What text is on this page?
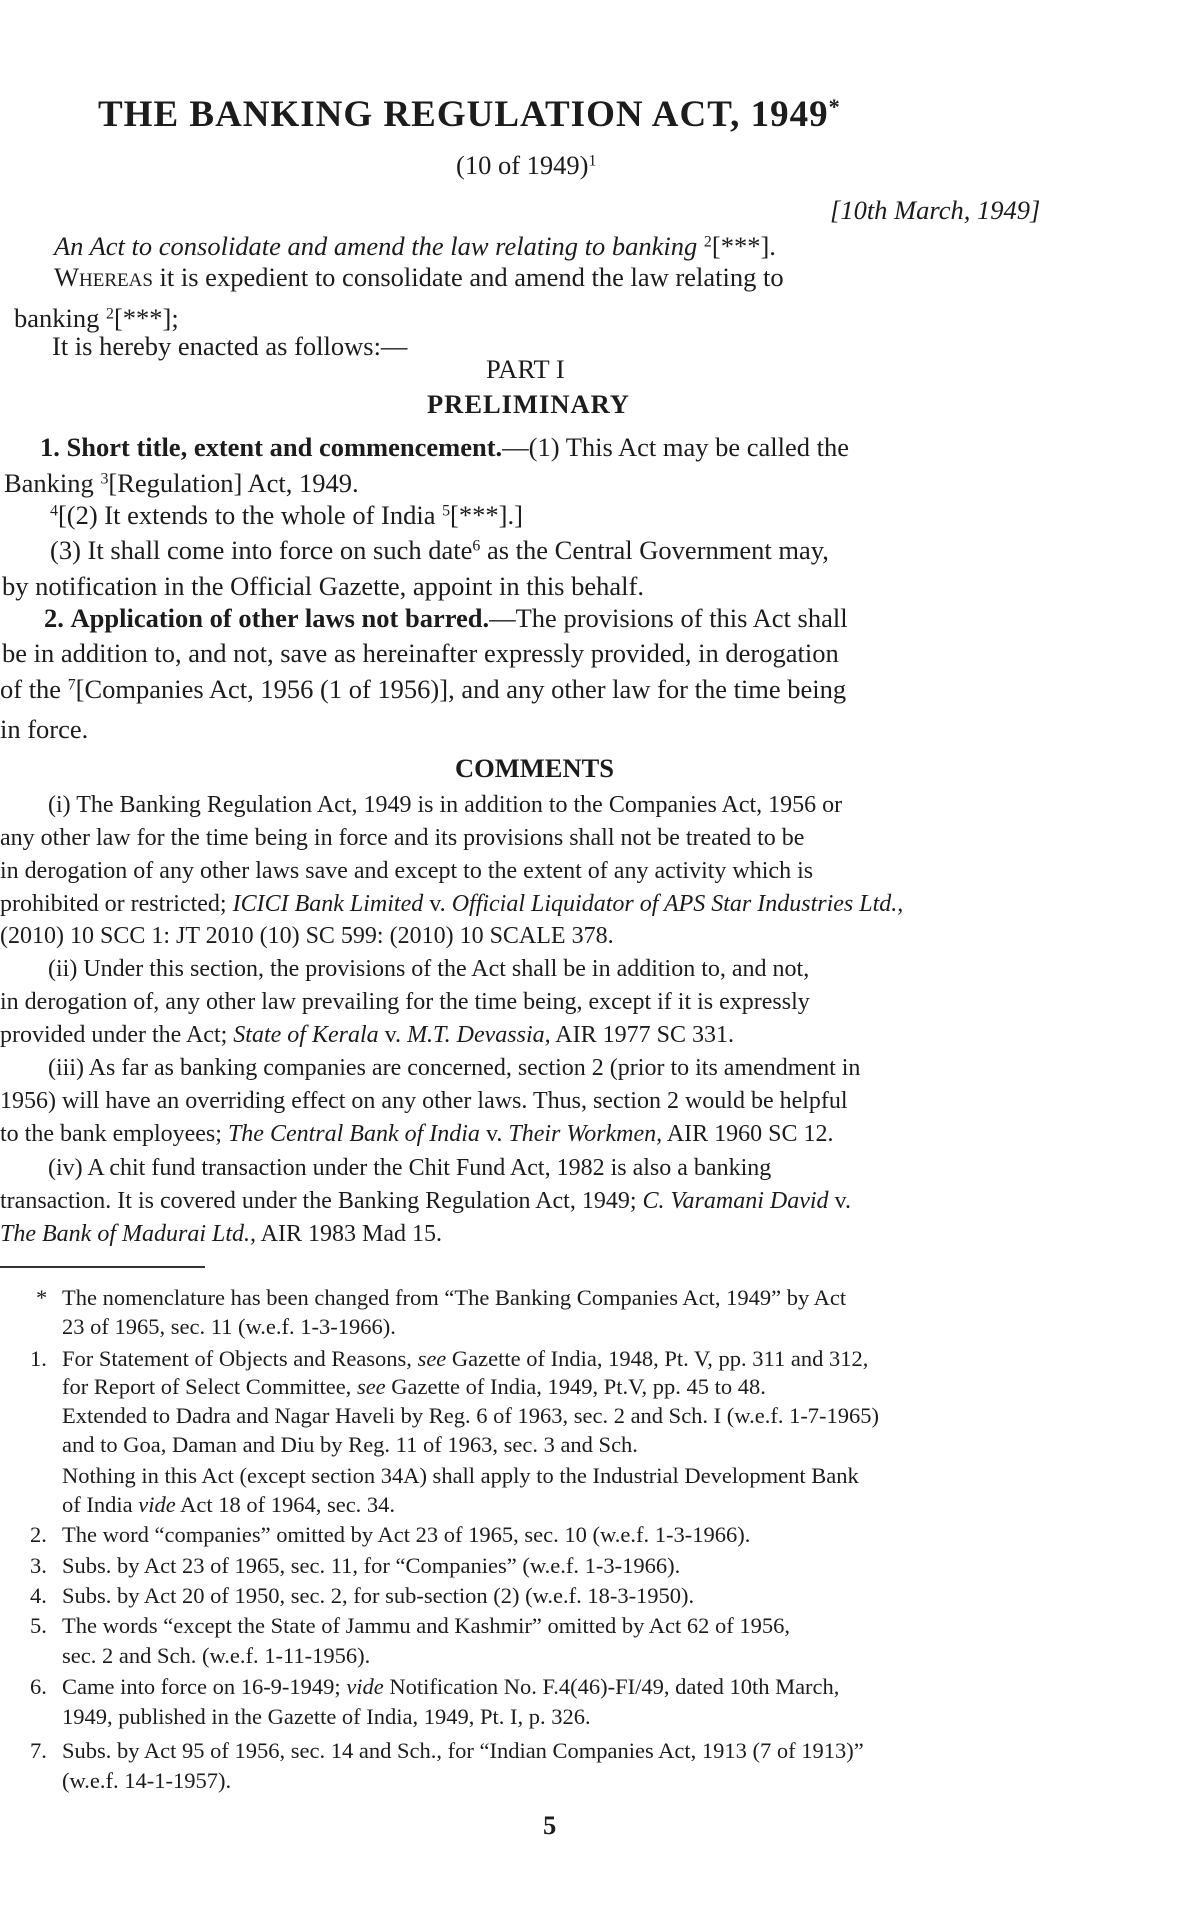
THE BANKING REGULATION ACT, 1949*
(10 of 1949)$^1$
[10th March, 1949]
An Act to consolidate and amend the law relating to banking $^2$[***].
Whereas it is expedient to consolidate and amend the law relating to
banking $^2$[***];
It is hereby enacted as follows:—
PART I
PRELIMINARY
1. Short title, extent and commencement.—(1) This Act may be called the
Banking $^3$[Regulation] Act, 1949.
$^4$[(2) It extends to the whole of India $^5$[***].]
(3) It shall come into force on such date$^6$ as the Central Government may,
by notification in the Official Gazette, appoint in this behalf.
2. Application of other laws not barred.—The provisions of this Act shall
be in addition to, and not, save as hereinafter expressly provided, in derogation
of the $^7$[Companies Act, 1956 (1 of 1956)], and any other law for the time being
in force.
COMMENTS
(i) The Banking Regulation Act, 1949 is in addition to the Companies Act, 1956 or
any other law for the time being in force and its provisions shall not be treated to be
in derogation of any other laws save and except to the extent of any activity which is
prohibited or restricted; ICICI Bank Limited v. Official Liquidator of APS Star Industries Ltd.,
(2010) 10 SCC 1: JT 2010 (10) SC 599: (2010) 10 SCALE 378.
(ii) Under this section, the provisions of the Act shall be in addition to, and not,
in derogation of, any other law prevailing for the time being, except if it is expressly
provided under the Act; State of Kerala v. M.T. Devassia, AIR 1977 SC 331.
(iii) As far as banking companies are concerned, section 2 (prior to its amendment in
1956) will have an overriding effect on any other laws. Thus, section 2 would be helpful
to the bank employees; The Central Bank of India v. Their Workmen, AIR 1960 SC 12.
(iv) A chit fund transaction under the Chit Fund Act, 1982 is also a banking
transaction. It is covered under the Banking Regulation Act, 1949; C. Varamani David v.
The Bank of Madurai Ltd., AIR 1983 Mad 15.
* The nomenclature has been changed from “The Banking Companies Act, 1949” by Act
23 of 1965, sec. 11 (w.e.f. 1-3-1966).
1. For Statement of Objects and Reasons, see Gazette of India, 1948, Pt. V, pp. 311 and 312,
for Report of Select Committee, see Gazette of India, 1949, Pt.V, pp. 45 to 48.
Extended to Dadra and Nagar Haveli by Reg. 6 of 1963, sec. 2 and Sch. I (w.e.f. 1-7-1965)
and to Goa, Daman and Diu by Reg. 11 of 1963, sec. 3 and Sch.
Nothing in this Act (except section 34A) shall apply to the Industrial Development Bank
of India vide Act 18 of 1964, sec. 34.
2. The word “companies” omitted by Act 23 of 1965, sec. 10 (w.e.f. 1-3-1966).
3. Subs. by Act 23 of 1965, sec. 11, for “Companies” (w.e.f. 1-3-1966).
4. Subs. by Act 20 of 1950, sec. 2, for sub-section (2) (w.e.f. 18-3-1950).
5. The words “except the State of Jammu and Kashmir” omitted by Act 62 of 1956,
sec. 2 and Sch. (w.e.f. 1-11-1956).
6. Came into force on 16-9-1949; vide Notification No. F.4(46)-FI/49, dated 10th March,
1949, published in the Gazette of India, 1949, Pt. I, p. 326.
7. Subs. by Act 95 of 1956, sec. 14 and Sch., for “Indian Companies Act, 1913 (7 of 1913)”
(w.e.f. 14-1-1957).
5
